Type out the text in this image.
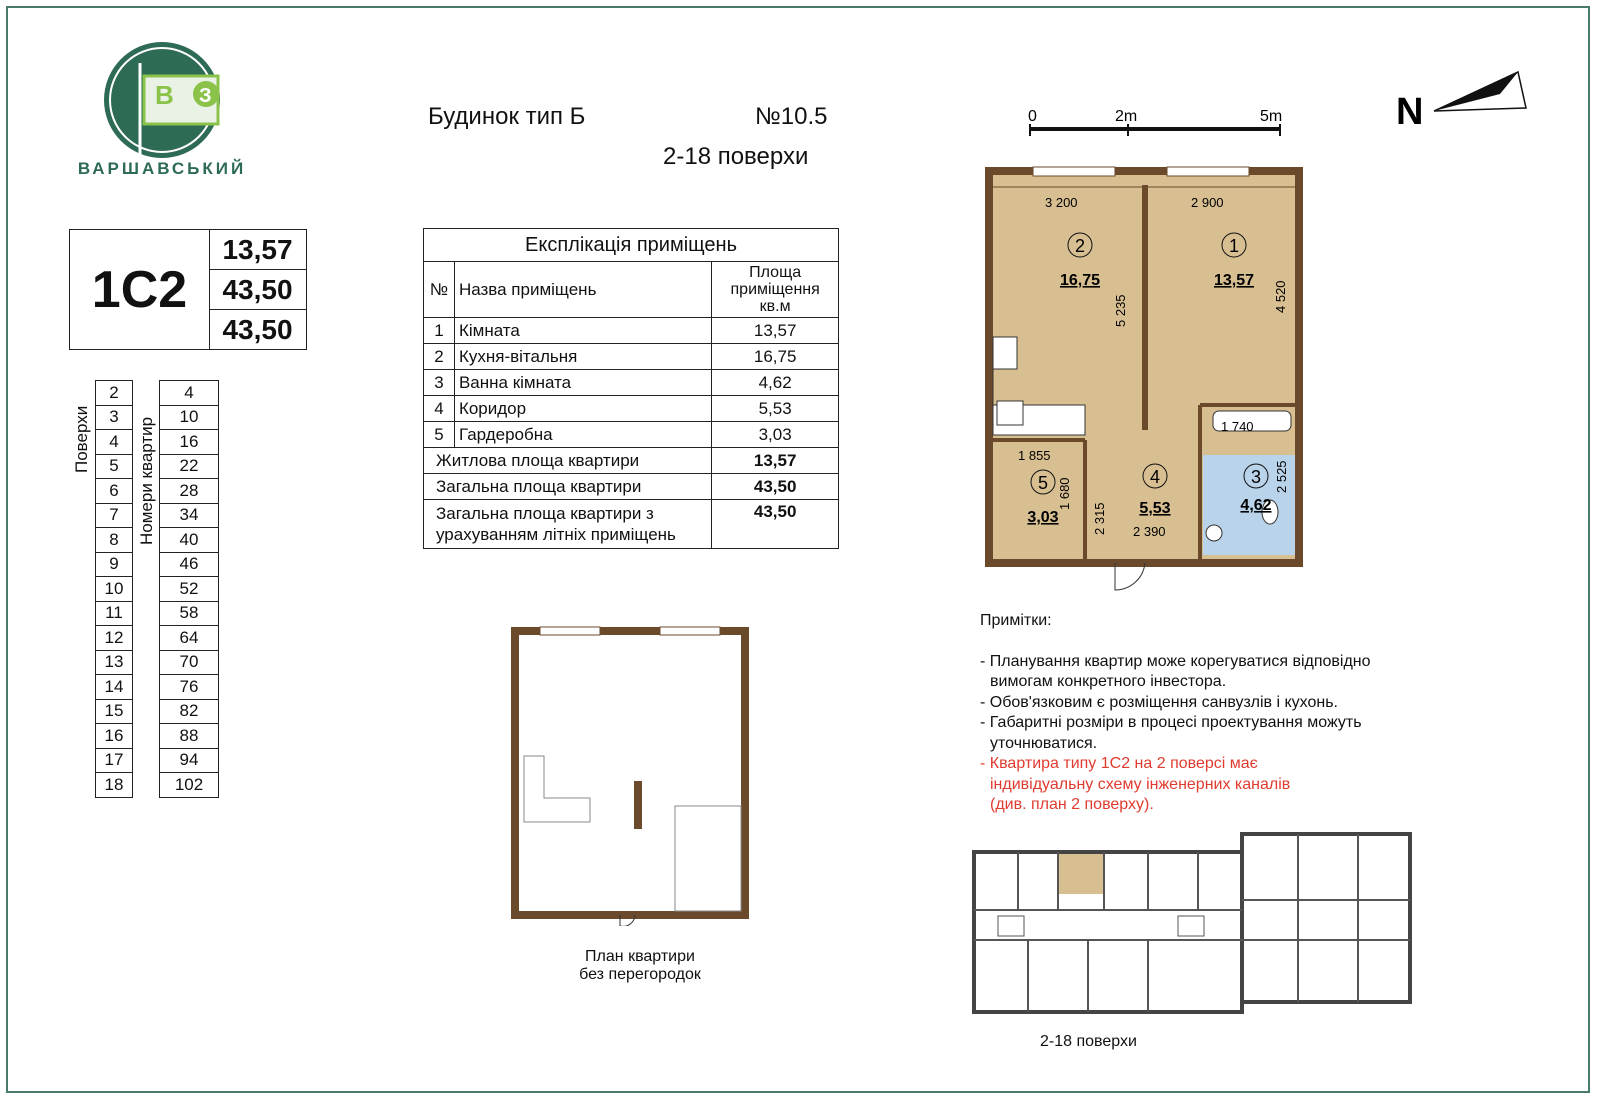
В З
ВАРШАВСЬКИЙ
Будинок тип Б	№10.5
2-18 поверхи
1С2
13,57
43,50
43,50
Поверхи	Номери квартир
	2		4
	3		10
	4		16
	5		22
	6		28
	7		34
	8		40
	9		46
	10		52
	11		58
	12		64
	13		70
	14		76
	15		82
	16		88
	17		94
	18		102
Експлікація приміщень		
№	Назва приміщень	Площа приміщення кв.м
1	Кімната	13,57
2	Кухня-вітальня	16,75
3	Ванна кімната	4,62
4	Коридор	5,53
5	Гардеробна	3,03
Житлова площа квартири		13,57
Загальна площа квартири		43,50
Загальна площа квартири з урахуванням літніх приміщень		43,50
0	2m	5m	N
3 200	2 900
5 235	4 520
1 740
1 855
1 680
2 315 2 390
2 525
2
16,75
1
13,57
5
3,03
4
5,53
3
4,62
План квартири
без перегородок
Примітки:
- Планування квартир може корегуватися відповідно
вимогам конкретного інвестора.
- Обов'язковим є розміщення санвузлів і кухонь.
- Габаритні розміри в процесі проектування можуть
уточнюватися.
- Квартира типу 1С2 на 2 поверсі має
індивідуальну схему інженерних каналів
(див. план 2 поверху).
2-18 поверхи
